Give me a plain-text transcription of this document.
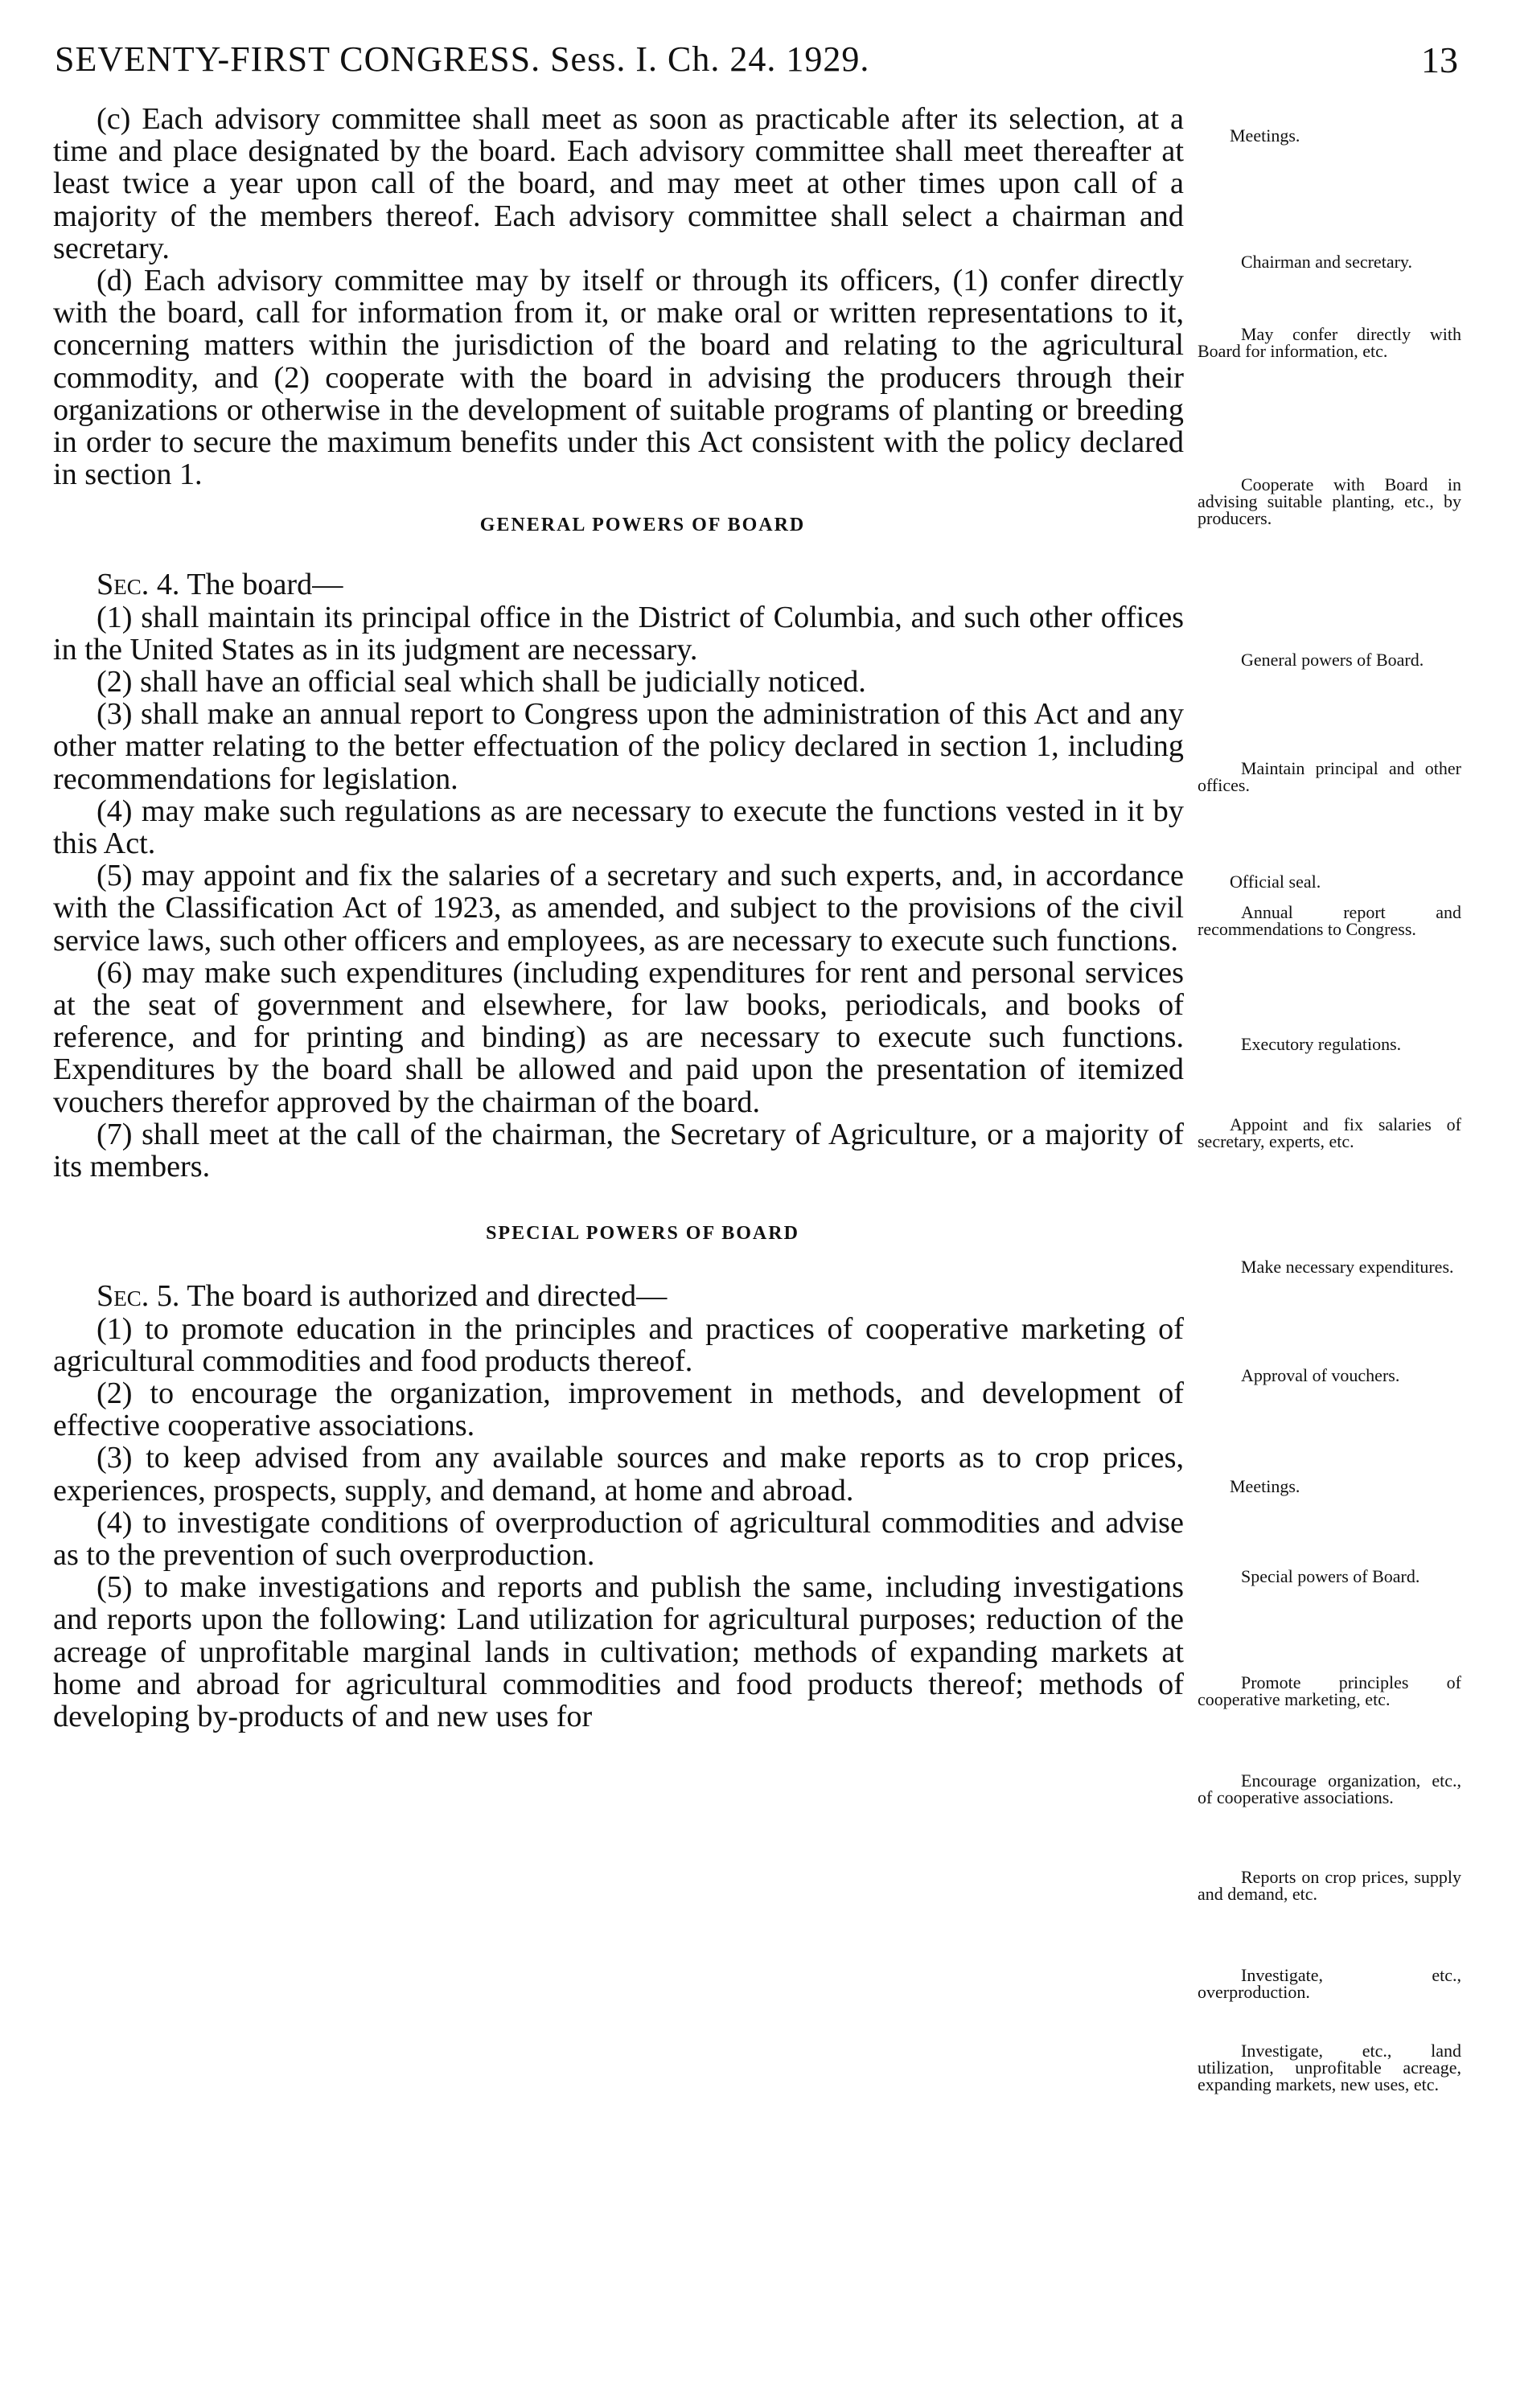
SEVENTY-FIRST CONGRESS. Sess. I. Ch. 24. 1929.	13

(c) Each advisory committee shall meet as soon as practicable after its selection, at a time and place designated by the board. Each advisory committee shall meet thereafter at least twice a year upon call of the board, and may meet at other times upon call of a majority of the members thereof. Each advisory committee shall select a chairman and secretary.

(d) Each advisory committee may by itself or through its officers, (1) confer directly with the board, call for information from it, or make oral or written representations to it, concerning matters within the jurisdiction of the board and relating to the agricultural commodity, and (2) cooperate with the board in advising the producers through their organizations or otherwise in the development of suitable programs of planting or breeding in order to secure the maximum benefits under this Act consistent with the policy declared in section 1.

GENERAL POWERS OF BOARD

Sec. 4. The board—

(1) shall maintain its principal office in the District of Columbia, and such other offices in the United States as in its judgment are necessary.

(2) shall have an official seal which shall be judicially noticed.

(3) shall make an annual report to Congress upon the administration of this Act and any other matter relating to the better effectuation of the policy declared in section 1, including recommendations for legislation.

(4) may make such regulations as are necessary to execute the functions vested in it by this Act.

(5) may appoint and fix the salaries of a secretary and such experts, and, in accordance with the Classification Act of 1923, as amended, and subject to the provisions of the civil service laws, such other officers and employees, as are necessary to execute such functions.

(6) may make such expenditures (including expenditures for rent and personal services at the seat of government and elsewhere, for law books, periodicals, and books of reference, and for printing and binding) as are necessary to execute such functions. Expenditures by the board shall be allowed and paid upon the presentation of itemized vouchers therefor approved by the chairman of the board.

(7) shall meet at the call of the chairman, the Secretary of Agriculture, or a majority of its members.

SPECIAL POWERS OF BOARD

Sec. 5. The board is authorized and directed—

(1) to promote education in the principles and practices of cooperative marketing of agricultural commodities and food products thereof.

(2) to encourage the organization, improvement in methods, and development of effective cooperative associations.

(3) to keep advised from any available sources and make reports as to crop prices, experiences, prospects, supply, and demand, at home and abroad.

(4) to investigate conditions of overproduction of agricultural commodities and advise as to the prevention of such overproduction.

(5) to make investigations and reports and publish the same, including investigations and reports upon the following: Land utilization for agricultural purposes; reduction of the acreage of unprofitable marginal lands in cultivation; methods of expanding markets at home and abroad for agricultural commodities and food products thereof; methods of developing by-products of and new uses for

Meetings.
Chairman and secretary.
May confer directly with Board for information, etc.
Cooperate with Board in advising suitable planting, etc., by producers.
General powers of Board.
Maintain principal and other offices.
Official seal.
Annual report and recommendations to Congress.
Executory regulations.
Appoint and fix salaries of secretary, experts, etc.
Make necessary expenditures.
Approval of vouchers.
Meetings.
Special powers of Board.
Promote principles of cooperative marketing, etc.
Encourage organization, etc., of cooperative associations.
Reports on crop prices, supply and demand, etc.
Investigate, etc., overproduction.
Investigate, etc., land utilization, unprofitable acreage, expanding markets, new uses, etc.
